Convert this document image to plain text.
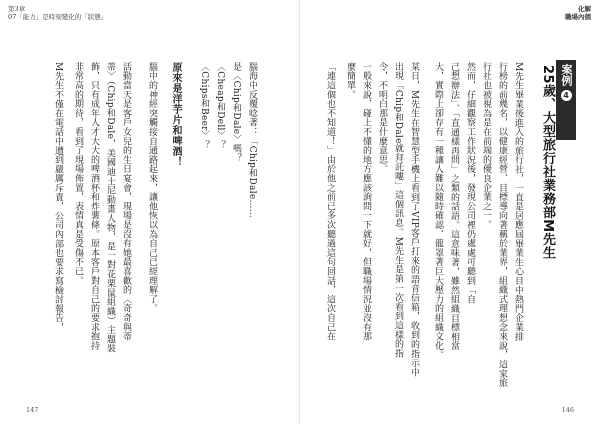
第3章
07「能力」是時刻變化的「狀態」
147
化解
職場內個
146
腦海中反覆唸著：「Chip和Dale……
是〈Chip和Dale〉嗎？
〈Cheap和Dell〉？
〈Chips和Beer〉？
原來是洋芋片和啤酒！
腦中的神經突觸接自通路起來，讓他恢以為自己已經理解了。
活動當天是客戶女兒的生日宴會，現場是沒有她最喜歡的〈奇奇與蒂
蒂〉（Chip和Dale，美國迪士尼動畫人物，是一對花栗鼠組織）主題裝
飾，只有成年人才大大的啤酒杯和炸薯條。原本客戶對自己的要求抱持
非常高的期待，看到了現場佈置，表情真是受傷不已。
M先生不僅在電話中遭到嚴厲斥責，公司內部也要求寫檢討報告，	案例
4
25歲、大型旅行社業務部M先生
M先生畢業後進入的旅行社，一直是居應屆畢業生心目中熱門企業排
行榜的前幾名，以健康經營、目標導向著稱於業界，組織式理想念來說，這家旅
行社也被視為是在前端的優良企業之一。
然而，仔細觀察工作狀況後，發現公司裡仍處處可聽到「自
己想辦法」、「直通樣再問」之類的話語。這意味著，雖然組織目標相當
大，實際上卻存有一種讓人難以隨時確認、龍罩著巨大壓力的組織文化。
某日，M先生在智慧型手機上看到了VIP客戶打來的語音信箱，收到的指示中
出現「Chip和Dale就拜託嘍」這個訊息。M先生是第一次看到這樣的指
令，不明白那是什麼意思。
一般來說，碰上不懂的地方應該詢問一下就好，但職場情況並沒有那
麼簡單。
「連這個也不知道！」由於他之前已多次聽過這句回話，這次自己在
